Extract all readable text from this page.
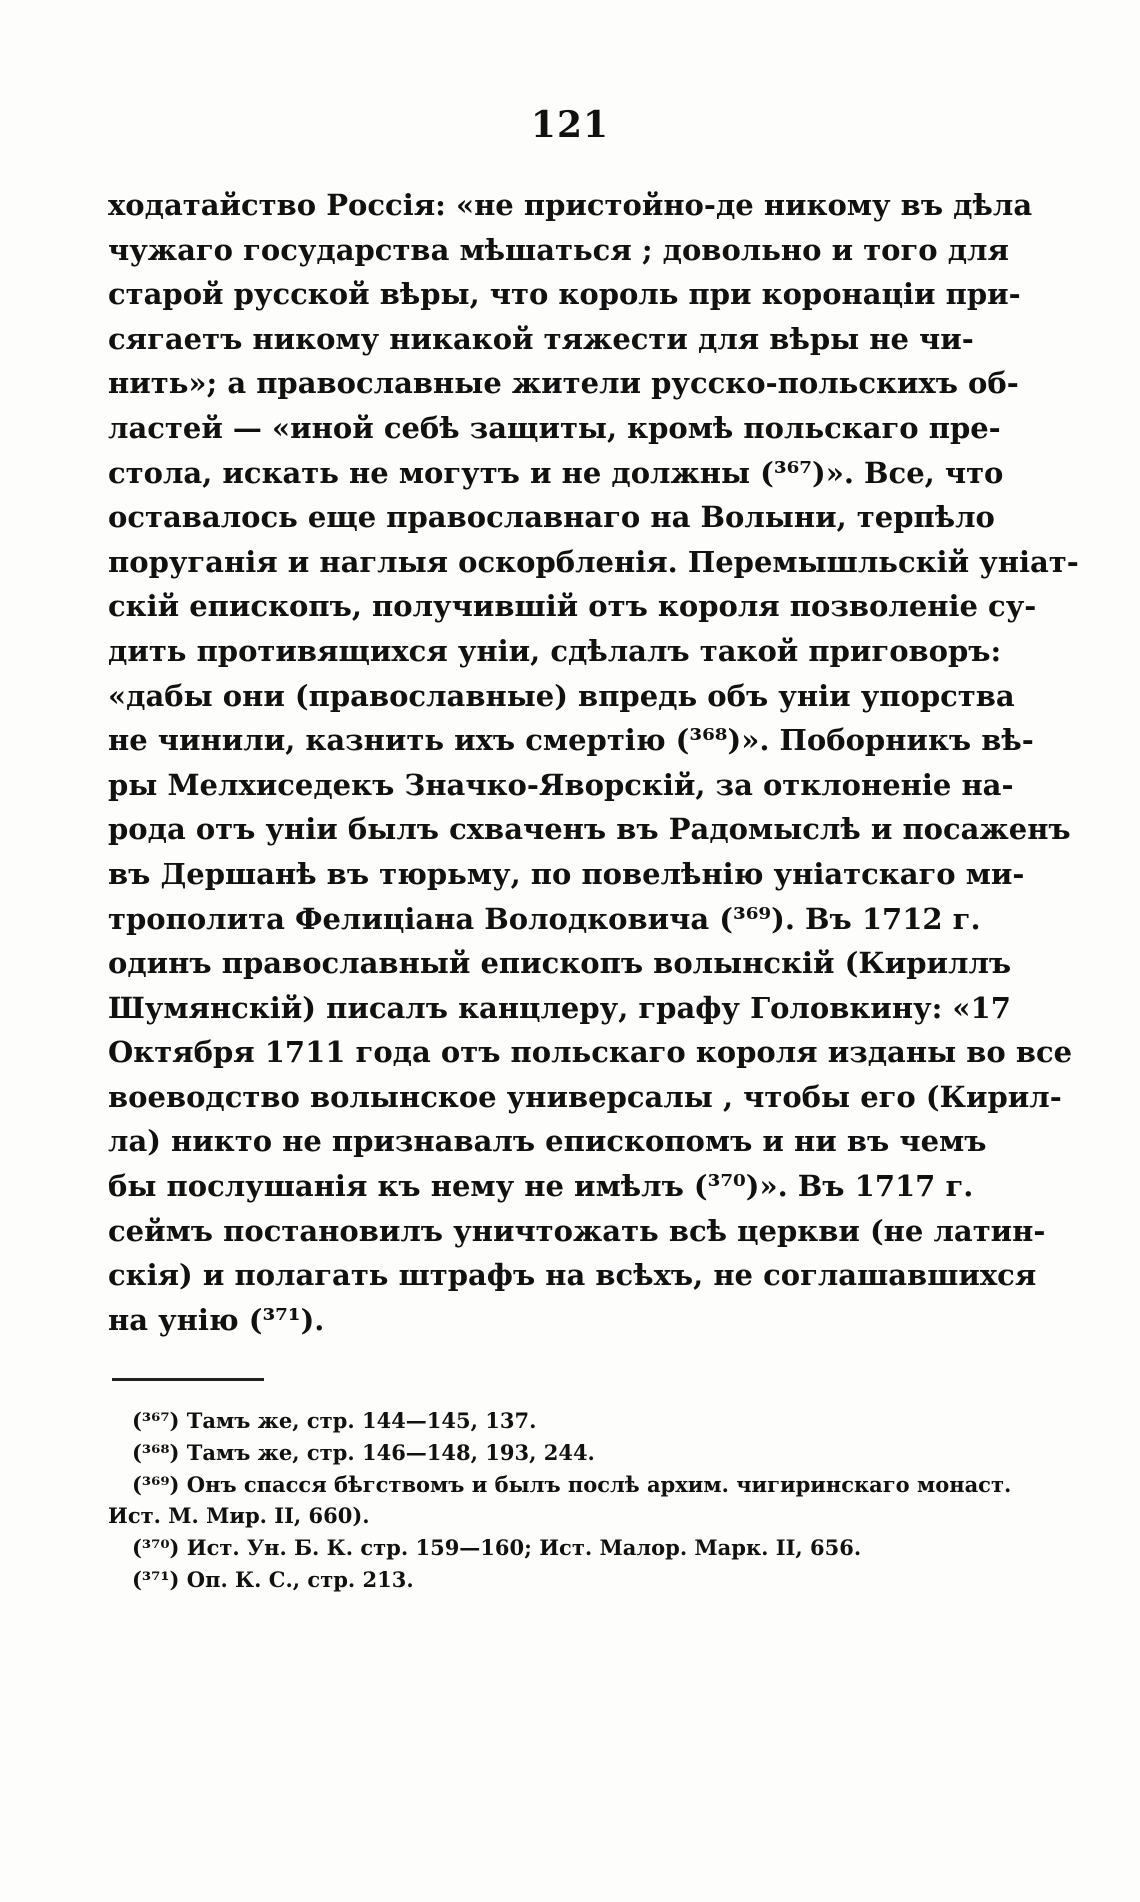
121
ходатайство Россія: «не пристойно-де никому въ дѣла
чужаго государства мѣшаться ; довольно и того для
старой русской вѣры, что король при коронаціи при-
сягаетъ никому никакой тяжести для вѣры не чи-
нить»; а православные жители русско-польскихъ об-
ластей — «иной себѣ защиты, кромѣ польскаго пре-
стола, искать не могутъ и не должны (³⁶⁷)». Все, что
оставалось еще православнаго на Волыни, терпѣло
поруганія и наглыя оскорбленія. Перемышльскій уніат-
скій епископъ, получившій отъ короля позволеніе су-
дить противящихся уніи, сдѣлалъ такой приговоръ:
«дабы они (православные) впредь объ уніи упорства
не чинили, казнить ихъ смертію (³⁶⁸)». Поборникъ вѣ-
ры Мелхиседекъ Значко-Яворскій, за отклоненіе на-
рода отъ уніи былъ схваченъ въ Радомыслѣ и посаженъ
въ Дершанѣ въ тюрьму, по повелѣнію уніатскаго ми-
трополита Фелиціана Володковича (³⁶⁹). Въ 1712 г.
одинъ православный епископъ волынскій (Кириллъ
Шумянскій) писалъ канцлеру, графу Головкину: «17
Октября 1711 года отъ польскаго короля изданы во все
воеводство волынское универсалы , чтобы его (Кирил-
ла) никто не признавалъ епископомъ и ни въ чемъ
бы послушанія къ нему не имѣлъ (³⁷⁰)». Въ 1717 г.
сеймъ постановилъ уничтожать всѣ церкви (не латин-
скія) и полагать штрафъ на всѣхъ, не соглашавшихся
на унію (³⁷¹).
(³⁶⁷) Тамъ же, стр. 144—145, 137.
(³⁶⁸) Тамъ же, стр. 146—148, 193, 244.
(³⁶⁹) Онъ спасся бѣгствомъ и былъ послѣ архим. чигиринскаго монаст.
Ист. М. Мир. II, 660).
(³⁷⁰) Ист. Ун. Б. К. стр. 159—160; Ист. Малор. Марк. II, 656.
(³⁷¹) Оп. К. С., стр. 213.
